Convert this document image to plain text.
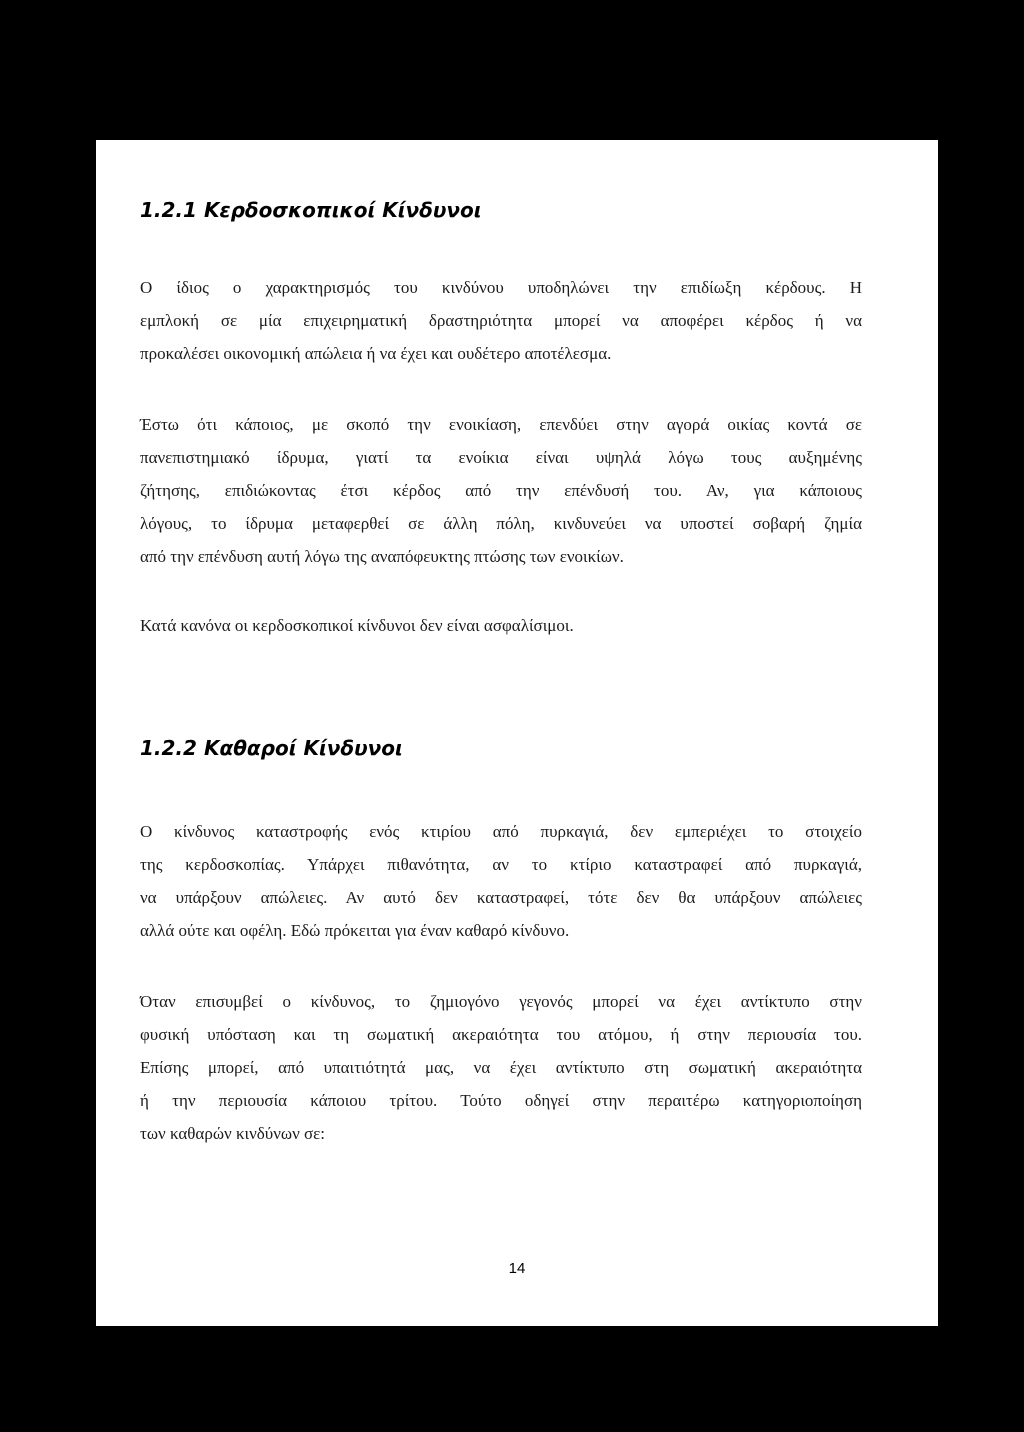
1.2.1 Κερδοσκοπικοί Κίνδυνοι

Ο ίδιος ο χαρακτηρισμός του κινδύνου υποδηλώνει την επιδίωξη κέρδους. Η
εμπλοκή σε μία επιχειρηματική δραστηριότητα μπορεί να αποφέρει κέρδος ή να
προκαλέσει οικονομική απώλεια ή να έχει και ουδέτερο αποτέλεσμα.

Έστω ότι κάποιος, με σκοπό την ενοικίαση, επενδύει στην αγορά οικίας κοντά σε
πανεπιστημιακό ίδρυμα, γιατί τα ενοίκια είναι υψηλά λόγω τους αυξημένης
ζήτησης, επιδιώκοντας έτσι κέρδος από την επένδυσή του. Αν, για κάποιους
λόγους, το ίδρυμα μεταφερθεί σε άλλη πόλη, κινδυνεύει να υποστεί σοβαρή ζημία
από την επένδυση αυτή λόγω της αναπόφευκτης πτώσης των ενοικίων.

Κατά κανόνα οι κερδοσκοπικοί κίνδυνοι δεν είναι ασφαλίσιμοι.

1.2.2 Καθαροί Κίνδυνοι

Ο κίνδυνος καταστροφής ενός κτιρίου από πυρκαγιά, δεν εμπεριέχει το στοιχείο
της κερδοσκοπίας. Υπάρχει πιθανότητα, αν το κτίριο καταστραφεί από πυρκαγιά,
να υπάρξουν απώλειες. Αν αυτό δεν καταστραφεί, τότε δεν θα υπάρξουν απώλειες
αλλά ούτε και οφέλη. Εδώ πρόκειται για έναν καθαρό κίνδυνο.

Όταν επισυμβεί ο κίνδυνος, το ζημιογόνο γεγονός μπορεί να έχει αντίκτυπο στην
φυσική υπόσταση και τη σωματική ακεραιότητα του ατόμου, ή στην περιουσία του.
Επίσης μπορεί, από υπαιτιότητά μας, να έχει αντίκτυπο στη σωματική ακεραιότητα
ή την περιουσία κάποιου τρίτου. Τούτο οδηγεί στην περαιτέρω κατηγοριοποίηση
των καθαρών κινδύνων σε:

14
